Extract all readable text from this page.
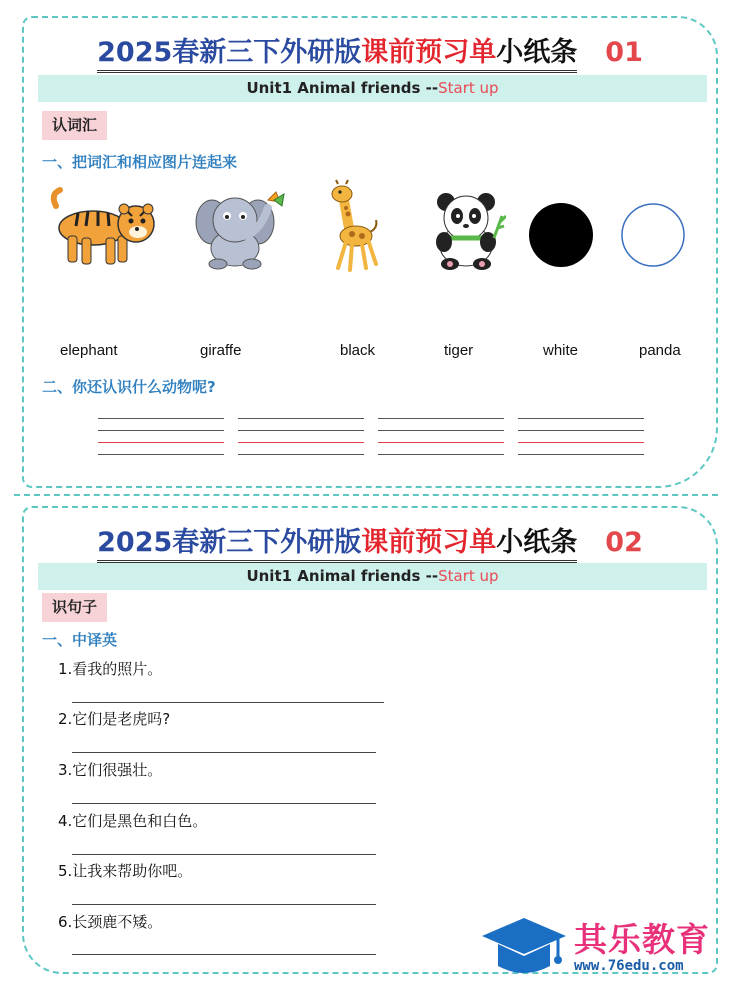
2025春新三下外研版课前预习单小纸条 01
Unit1 Animal friends --Start up
认词汇
一、把词汇和相应图片连起来
elephant	giraffe	black	tiger	white	panda
二、你还认识什么动物呢?
2025春新三下外研版课前预习单小纸条 02
Unit1 Animal friends --Start up
识句子
一、中译英
1.看我的照片。
2.它们是老虎吗?
3.它们很强壮。
4.它们是黑色和白色。
5.让我来帮助你吧。
6.长颈鹿不矮。	其乐教育
www.76edu.com
